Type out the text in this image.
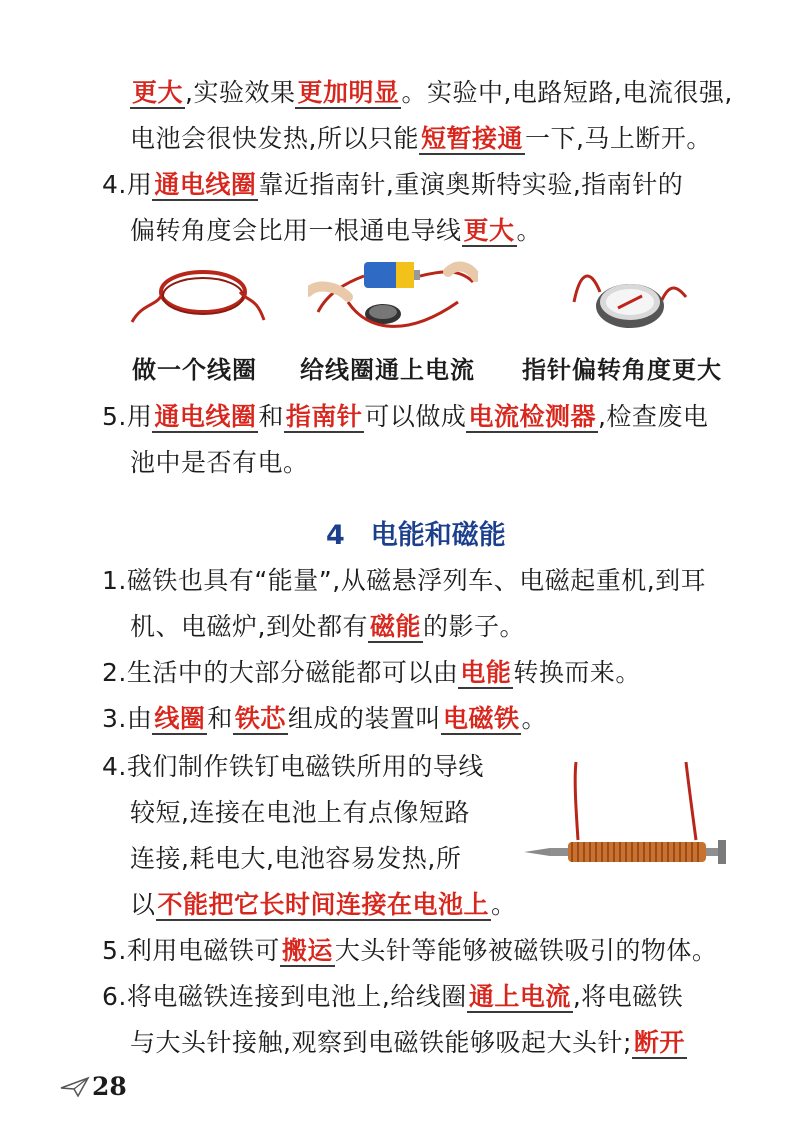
更大,实验效果更加明显。实验中,电路短路,电流很强,
电池会很快发热,所以只能短暂接通一下,马上断开。
4.用通电线圈靠近指南针,重演奥斯特实验,指南针的
偏转角度会比用一根通电导线更大。
做一个线圈 给线圈通上电流 指针偏转角度更大
5.用通电线圈和指南针可以做成电流检测器,检查废电
池中是否有电。
4 电能和磁能
1.磁铁也具有“能量”,从磁悬浮列车、电磁起重机,到耳
机、电磁炉,到处都有磁能的影子。
2.生活中的大部分磁能都可以由电能转换而来。
3.由线圈和铁芯组成的装置叫电磁铁。
4.我们制作铁钉电磁铁所用的导线
较短,连接在电池上有点像短路
连接,耗电大,电池容易发热,所
以不能把它长时间连接在电池上。
5.利用电磁铁可搬运大头针等能够被磁铁吸引的物体。
6.将电磁铁连接到电池上,给线圈通上电流,将电磁铁
与大头针接触,观察到电磁铁能够吸起大头针;断开
28
